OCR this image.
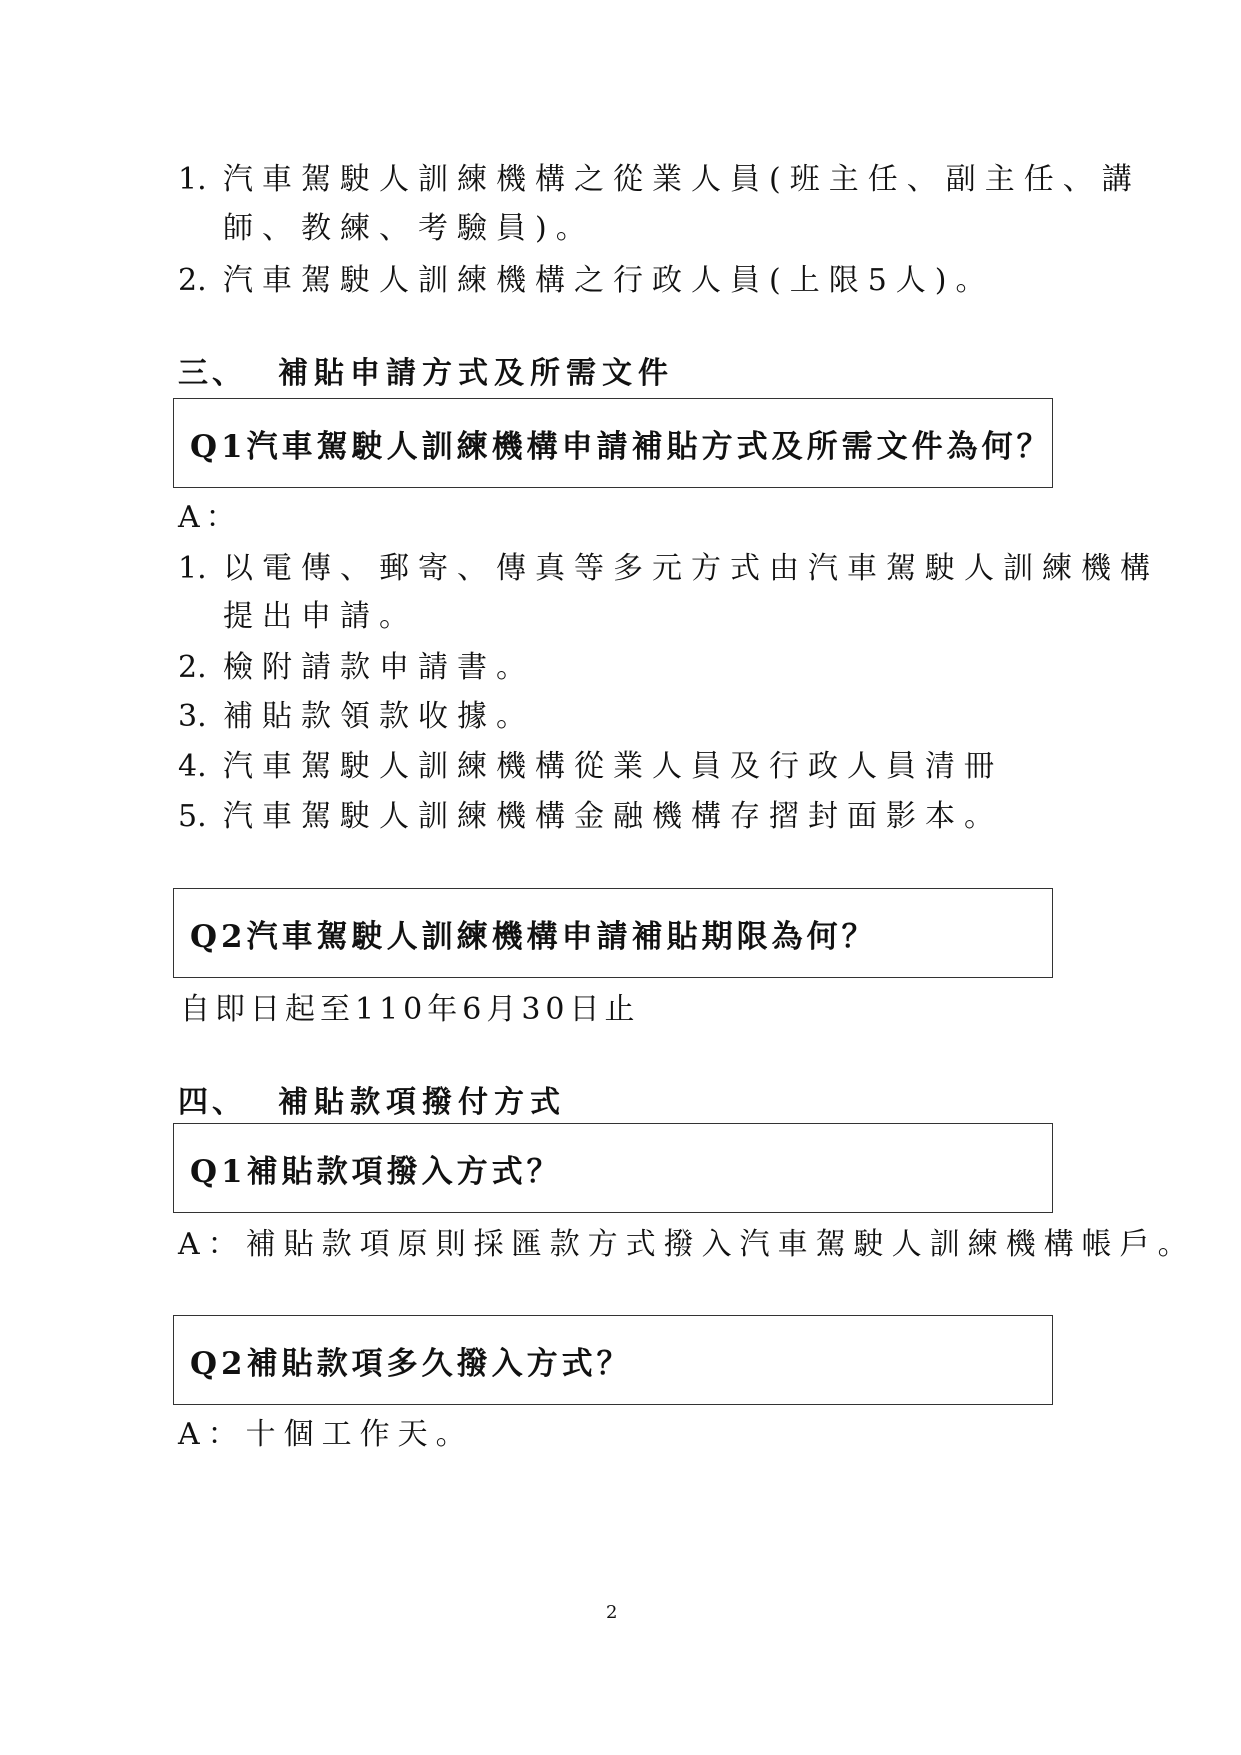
1. 汽車駕駛人訓練機構之從業人員(班主任、副主任、講
師、教練、考驗員)。
2. 汽車駕駛人訓練機構之行政人員(上限5人)。
三、 補貼申請方式及所需文件
Q1汽車駕駛人訓練機構申請補貼方式及所需文件為何？
A：
1. 以電傳、郵寄、傳真等多元方式由汽車駕駛人訓練機構
提出申請。
2. 檢附請款申請書。
3. 補貼款領款收據。
4. 汽車駕駛人訓練機構從業人員及行政人員清冊
5. 汽車駕駛人訓練機構金融機構存摺封面影本。
Q2汽車駕駛人訓練機構申請補貼期限為何？
自即日起至110年6月30日止
四、 補貼款項撥付方式
Q1補貼款項撥入方式？
A：補貼款項原則採匯款方式撥入汽車駕駛人訓練機構帳戶。
Q2補貼款項多久撥入方式？
A：十個工作天。
2
